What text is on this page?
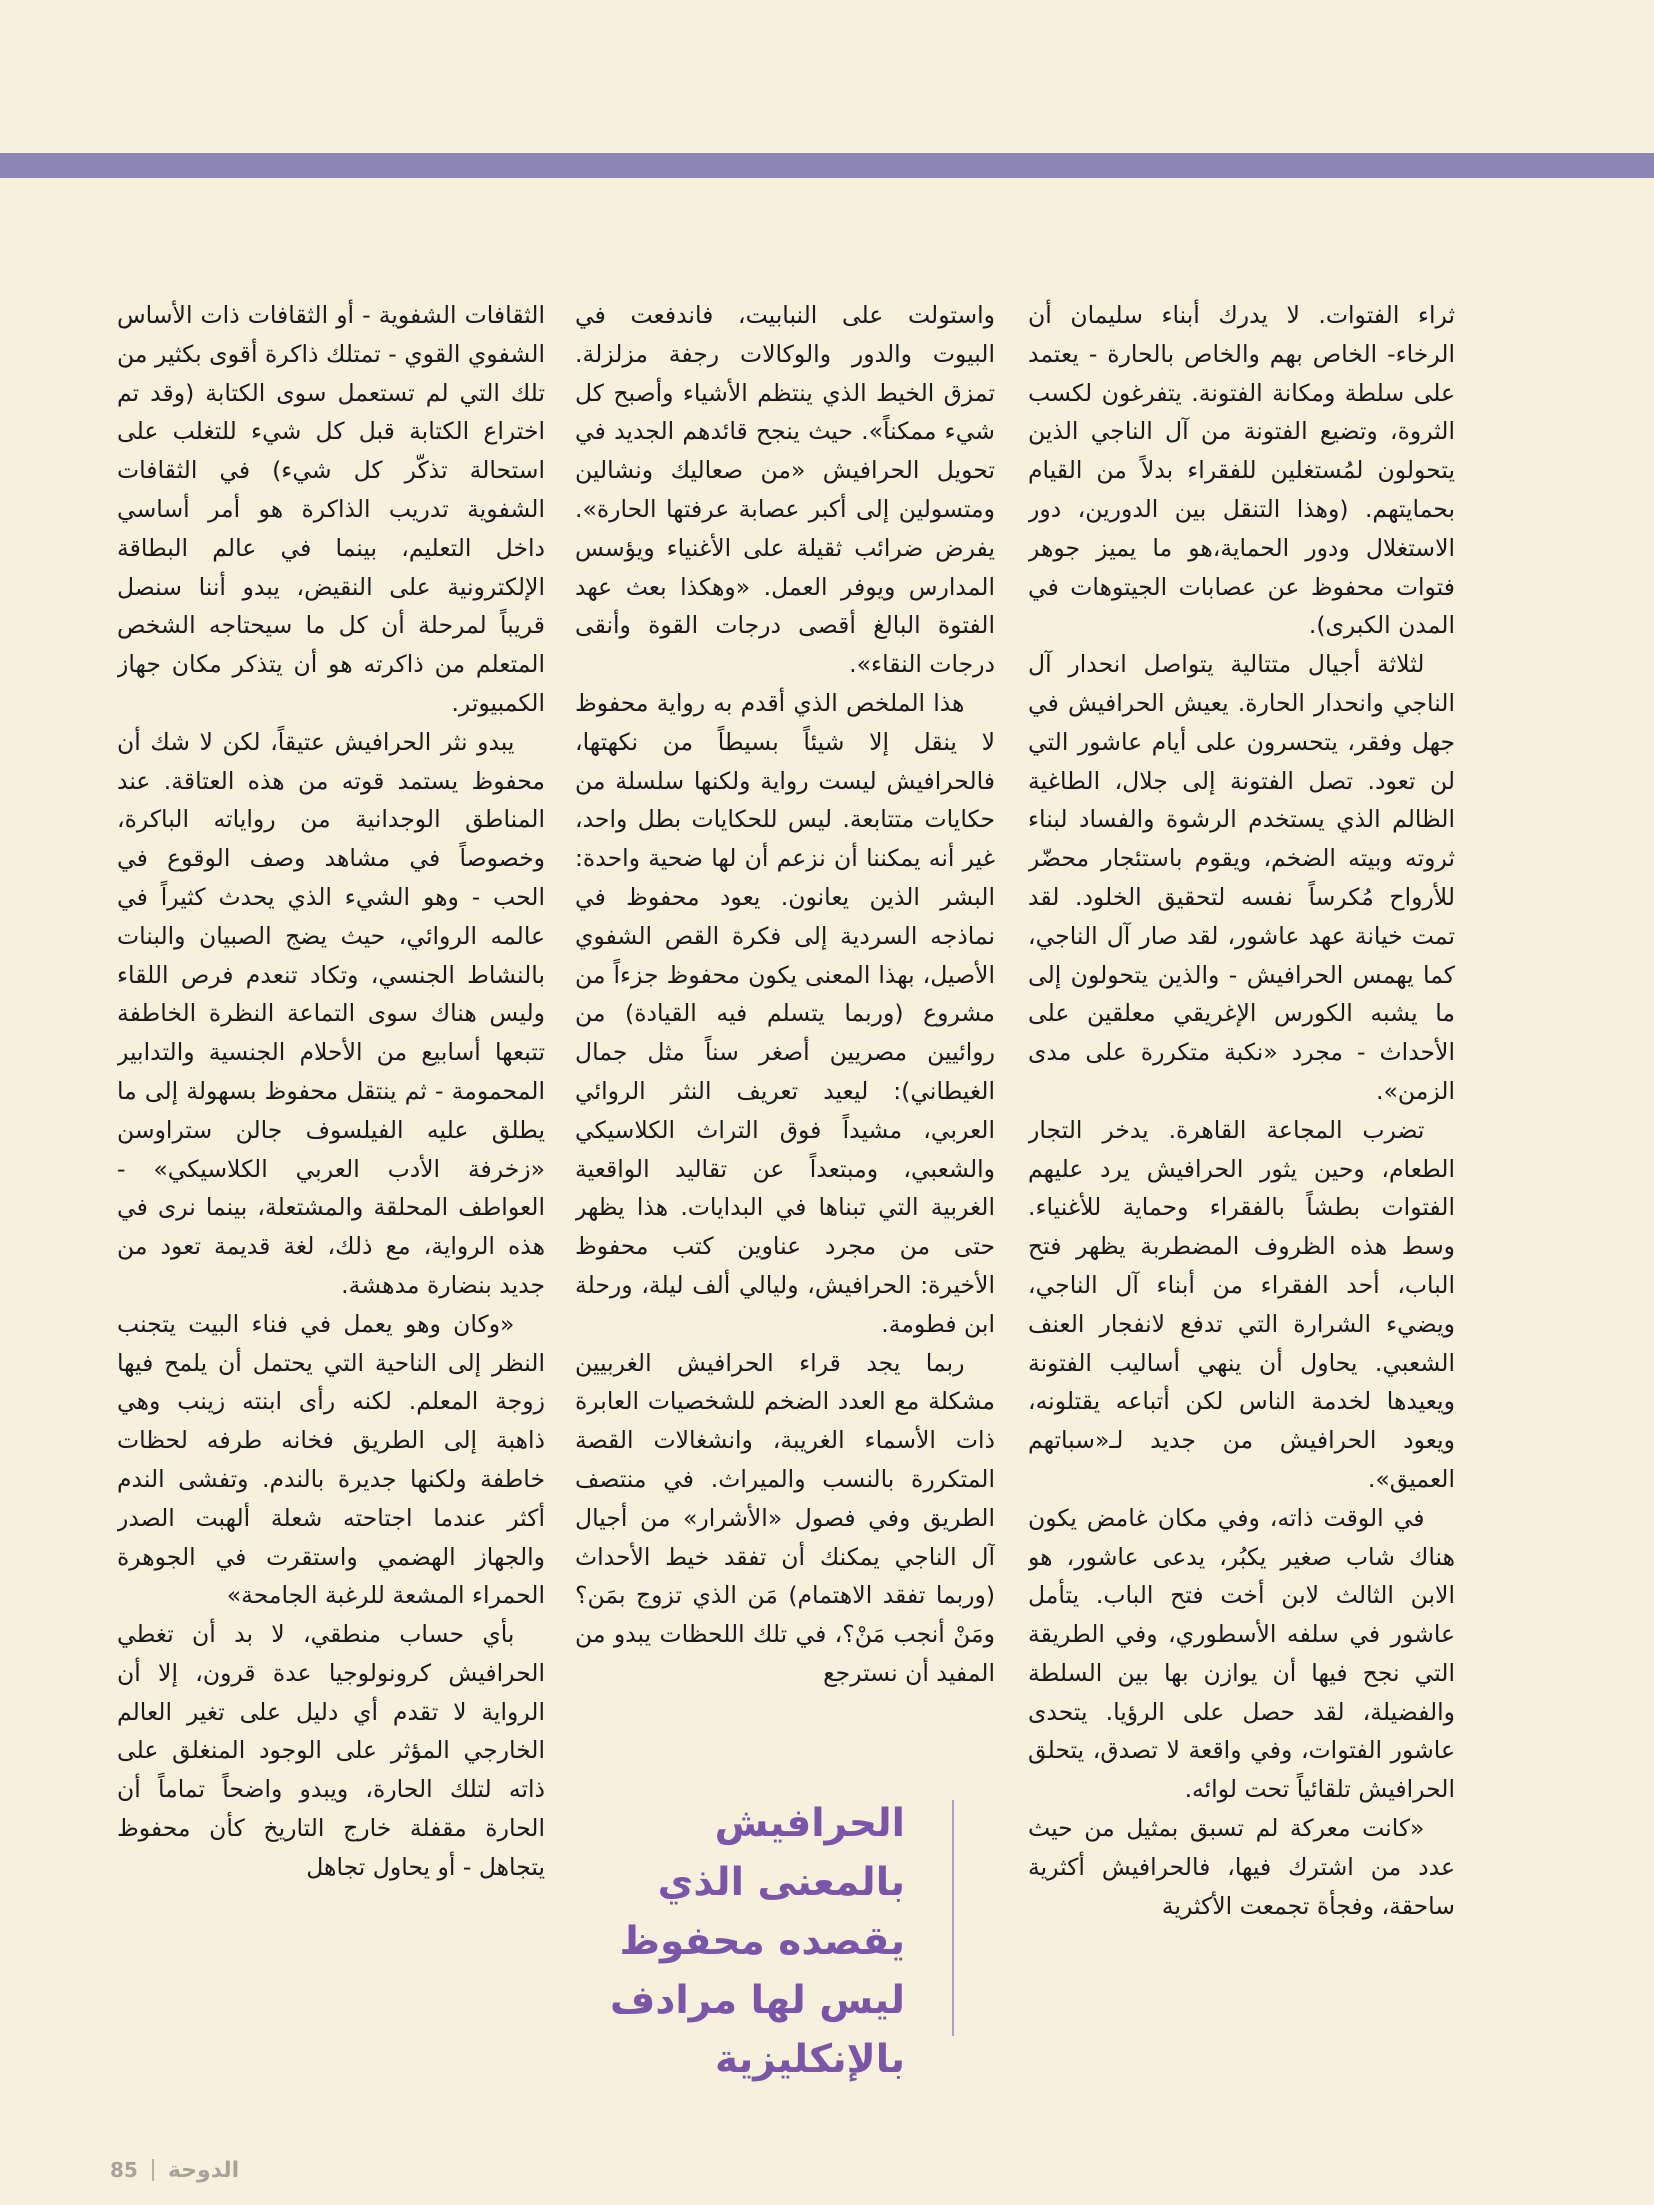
ثراء الفتوات. لا يدرك أبناء سليمان أن الرخاء- الخاص بهم والخاص بالحارة - يعتمد على سلطة ومكانة الفتونة. يتفرغون لكسب الثروة، وتضيع الفتونة من آل الناجي الذين يتحولون لمُستغلين للفقراء بدلاً من القيام بحمايتهم. (وهذا التنقل بين الدورين، دور الاستغلال ودور الحماية،هو ما يميز جوهر فتوات محفوظ عن عصابات الجيتوهات في المدن الكبرى).

لثلاثة أجيال متتالية يتواصل انحدار آل الناجي وانحدار الحارة. يعيش الحرافيش في جهل وفقر، يتحسرون على أيام عاشور التي لن تعود. تصل الفتونة إلى جلال، الطاغية الظالم الذي يستخدم الرشوة والفساد لبناء ثروته وبيته الضخم، ويقوم باستئجار محضّر للأرواح مُكرساً نفسه لتحقيق الخلود. لقد تمت خيانة عهد عاشور، لقد صار آل الناجي، كما يهمس الحرافيش - والذين يتحولون إلى ما يشبه الكورس الإغريقي معلقين على الأحداث - مجرد «نكبة متكررة على مدى الزمن».

تضرب المجاعة القاهرة. يدخر التجار الطعام، وحين يثور الحرافيش يرد عليهم الفتوات بطشاً بالفقراء وحماية للأغنياء. وسط هذه الظروف المضطربة يظهر فتح الباب، أحد الفقراء من أبناء آل الناجي، ويضيء الشرارة التي تدفع لانفجار العنف الشعبي. يحاول أن ينهي أساليب الفتونة ويعيدها لخدمة الناس لكن أتباعه يقتلونه، ويعود الحرافيش من جديد لـ«سباتهم العميق».

في الوقت ذاته، وفي مكان غامض يكون هناك شاب صغير يكبُر، يدعى عاشور، هو الابن الثالث لابن أخت فتح الباب. يتأمل عاشور في سلفه الأسطوري، وفي الطريقة التي نجح فيها أن يوازن بها بين السلطة والفضيلة، لقد حصل على الرؤيا. يتحدى عاشور الفتوات، وفي واقعة لا تصدق، يتحلق الحرافيش تلقائياً تحت لوائه.

«كانت معركة لم تسبق بمثيل من حيث عدد من اشترك فيها، فالحرافيش أكثرية ساحقة، وفجأة تجمعت الأكثرية

واستولت على النبابيت، فاندفعت في البيوت والدور والوكالات رجفة مزلزلة. تمزق الخيط الذي ينتظم الأشياء وأصبح كل شيء ممكناً». حيث ينجح قائدهم الجديد في تحويل الحرافيش «من صعاليك ونشالين ومتسولين إلى أكبر عصابة عرفتها الحارة». يفرض ضرائب ثقيلة على الأغنياء ويؤسس المدارس ويوفر العمل. «وهكذا بعث عهد الفتوة البالغ أقصى درجات القوة وأنقى درجات النقاء».

هذا الملخص الذي أقدم به رواية محفوظ لا ينقل إلا شيئاً بسيطاً من نكهتها، فالحرافيش ليست رواية ولكنها سلسلة من حكايات متتابعة. ليس للحكايات بطل واحد، غير أنه يمكننا أن نزعم أن لها ضحية واحدة: البشر الذين يعانون. يعود محفوظ في نماذجه السردية إلى فكرة القص الشفوي الأصيل، بهذا المعنى يكون محفوظ جزءاً من مشروع (وربما يتسلم فيه القيادة) من روائيين مصريين أصغر سناً مثل جمال الغيطاني): ليعيد تعريف النثر الروائي العربي، مشيداً فوق التراث الكلاسيكي والشعبي، ومبتعداً عن تقاليد الواقعية الغربية التي تبناها في البدايات. هذا يظهر حتى من مجرد عناوين كتب محفوظ الأخيرة: الحرافيش، وليالي ألف ليلة، ورحلة ابن فطومة.

ربما يجد قراء الحرافيش الغربيين مشكلة مع العدد الضخم للشخصيات العابرة ذات الأسماء الغريبة، وانشغالات القصة المتكررة بالنسب والميراث. في منتصف الطريق وفي فصول «الأشرار» من أجيال آل الناجي يمكنك أن تفقد خيط الأحداث (وربما تفقد الاهتمام) مَن الذي تزوج بمَن؟ ومَنْ أنجب مَنْ؟، في تلك اللحظات يبدو من المفيد أن نسترجع

الحرافيش بالمعنى الذي يقصده محفوظ ليس لها مرادف بالإنكليزية

الثقافات الشفوية - أو الثقافات ذات الأساس الشفوي القوي - تمتلك ذاكرة أقوى بكثير من تلك التي لم تستعمل سوى الكتابة (وقد تم اختراع الكتابة قبل كل شيء للتغلب على استحالة تذكّر كل شيء) في الثقافات الشفوية تدريب الذاكرة هو أمر أساسي داخل التعليم، بينما في عالم البطاقة الإلكترونية على النقيض، يبدو أننا سنصل قريباً لمرحلة أن كل ما سيحتاجه الشخص المتعلم من ذاكرته هو أن يتذكر مكان جهاز الكمبيوتر.

يبدو نثر الحرافيش عتيقاً، لكن لا شك أن محفوظ يستمد قوته من هذه العتاقة. عند المناطق الوجدانية من رواياته الباكرة، وخصوصاً في مشاهد وصف الوقوع في الحب - وهو الشيء الذي يحدث كثيراً في عالمه الروائي، حيث يضج الصبيان والبنات بالنشاط الجنسي، وتكاد تنعدم فرص اللقاء وليس هناك سوى التماعة النظرة الخاطفة تتبعها أسابيع من الأحلام الجنسية والتدابير المحمومة - ثم ينتقل محفوظ بسهولة إلى ما يطلق عليه الفيلسوف جالن ستراوسن «زخرفة الأدب العربي الكلاسيكي» - العواطف المحلقة والمشتعلة، بينما نرى في هذه الرواية، مع ذلك، لغة قديمة تعود من جديد بنضارة مدهشة.

«وكان وهو يعمل في فناء البيت يتجنب النظر إلى الناحية التي يحتمل أن يلمح فيها زوجة المعلم. لكنه رأى ابنته زينب وهي ذاهبة إلى الطريق فخانه طرفه لحظات خاطفة ولكنها جديرة بالندم. وتفشى الندم أكثر عندما اجتاحته شعلة ألهبت الصدر والجهاز الهضمي واستقرت في الجوهرة الحمراء المشعة للرغبة الجامحة»

بأي حساب منطقي، لا بد أن تغطي الحرافيش كرونولوجيا عدة قرون، إلا أن الرواية لا تقدم أي دليل على تغير العالم الخارجي المؤثر على الوجود المنغلق على ذاته لتلك الحارة، ويبدو واضحاً تماماً أن الحارة مقفلة خارج التاريخ كأن محفوظ يتجاهل - أو يحاول تجاهل

85 الدوحة
